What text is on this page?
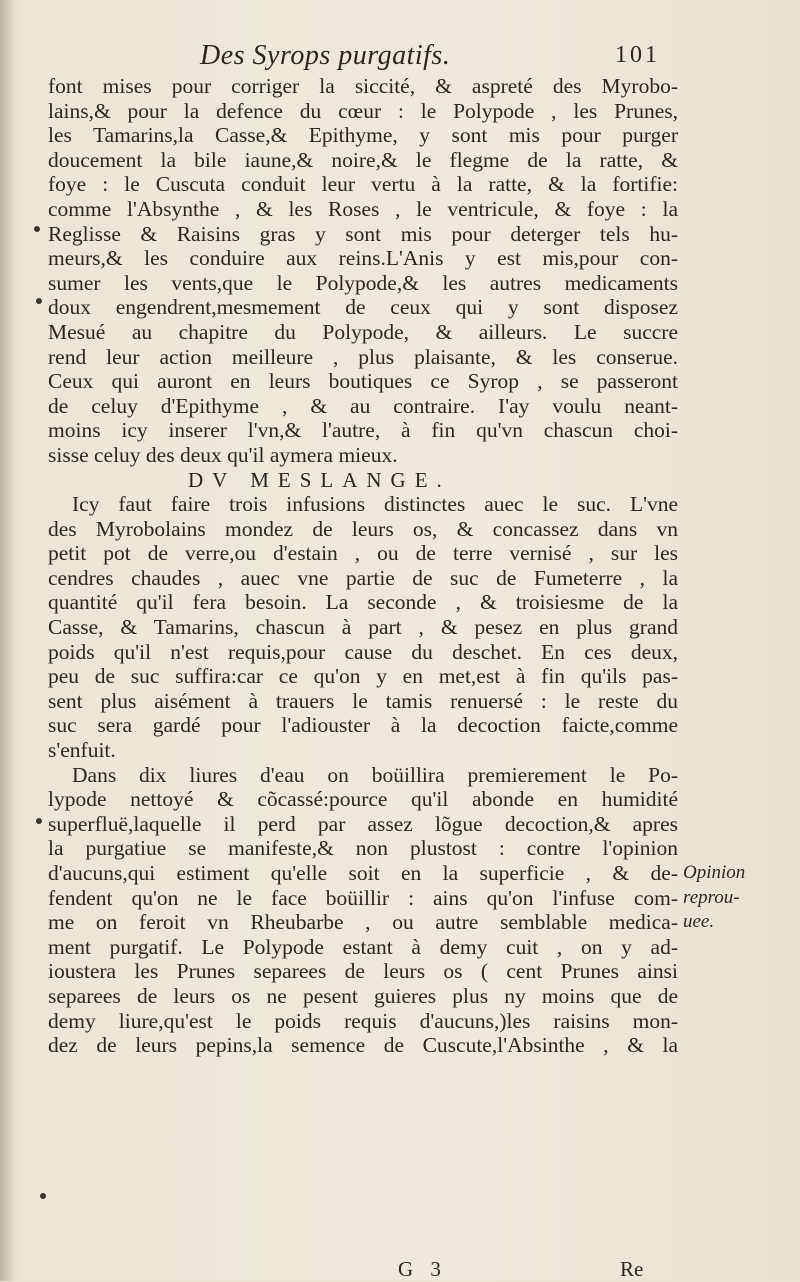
Des Syrops purgatifs.	101
font mises pour corriger la siccité, & aspreté des Myrobo-
lains,& pour la defence du cœur : le Polypode , les Prunes,
les Tamarins,la Casse,& Epithyme, y sont mis pour purger
doucement la bile iaune,& noire,& le flegme de la ratte, &
foye : le Cuscuta conduit leur vertu à la ratte, & la fortifie:
comme l'Absynthe , & les Roses , le ventricule, & foye : la
Reglisse & Raisins gras y sont mis pour deterger tels hu-
meurs,& les conduire aux reins.L'Anis y est mis,pour con-
sumer les vents,que le Polypode,& les autres medicaments
doux engendrent,mesmement de ceux qui y sont disposez
Mesué au chapitre du Polypode, & ailleurs. Le succre
rend leur action meilleure , plus plaisante, & les conserue.
Ceux qui auront en leurs boutiques ce Syrop , se passeront
de celuy d'Epithyme , & au contraire. I'ay voulu neant-
moins icy inserer l'vn,& l'autre, à fin qu'vn chascun choi-
sisse celuy des deux qu'il aymera mieux.
DV MESLANGE.
Icy faut faire trois infusions distinctes auec le suc. L'vne
des Myrobolains mondez de leurs os, & concassez dans vn
petit pot de verre,ou d'estain , ou de terre vernisé , sur les
cendres chaudes , auec vne partie de suc de Fumeterre , la
quantité qu'il fera besoin. La seconde , & troisiesme de la
Casse, & Tamarins, chascun à part , & pesez en plus grand
poids qu'il n'est requis,pour cause du deschet. En ces deux,
peu de suc suffira:car ce qu'on y en met,est à fin qu'ils pas-
sent plus aisément à trauers le tamis renuersé : le reste du
suc sera gardé pour l'adiouster à la decoction faicte,comme
s'enfuit.
Dans dix liures d'eau on boüillira premierement le Po-
lypode nettoyé & cõcassé:pource qu'il abonde en humidité
superfluë,laquelle il perd par assez lõgue decoction,& apres
la purgatiue se manifeste,& non plustost : contre l'opinion
d'aucuns,qui estiment qu'elle soit en la superficie , & de-
fendent qu'on ne le face boüillir : ains qu'on l'infuse com-
me on feroit vn Rheubarbe , ou autre semblable medica-
ment purgatif. Le Polypode estant à demy cuit , on y ad-
ioustera les Prunes separees de leurs os ( cent Prunes ainsi
separees de leurs os ne pesent guieres plus ny moins que de
demy liure,qu'est le poids requis d'aucuns,)les raisins mon-
dez de leurs pepins,la semence de Cuscute,l'Absinthe , & la
Opinion
reprou-
uee.
G 3	Re
